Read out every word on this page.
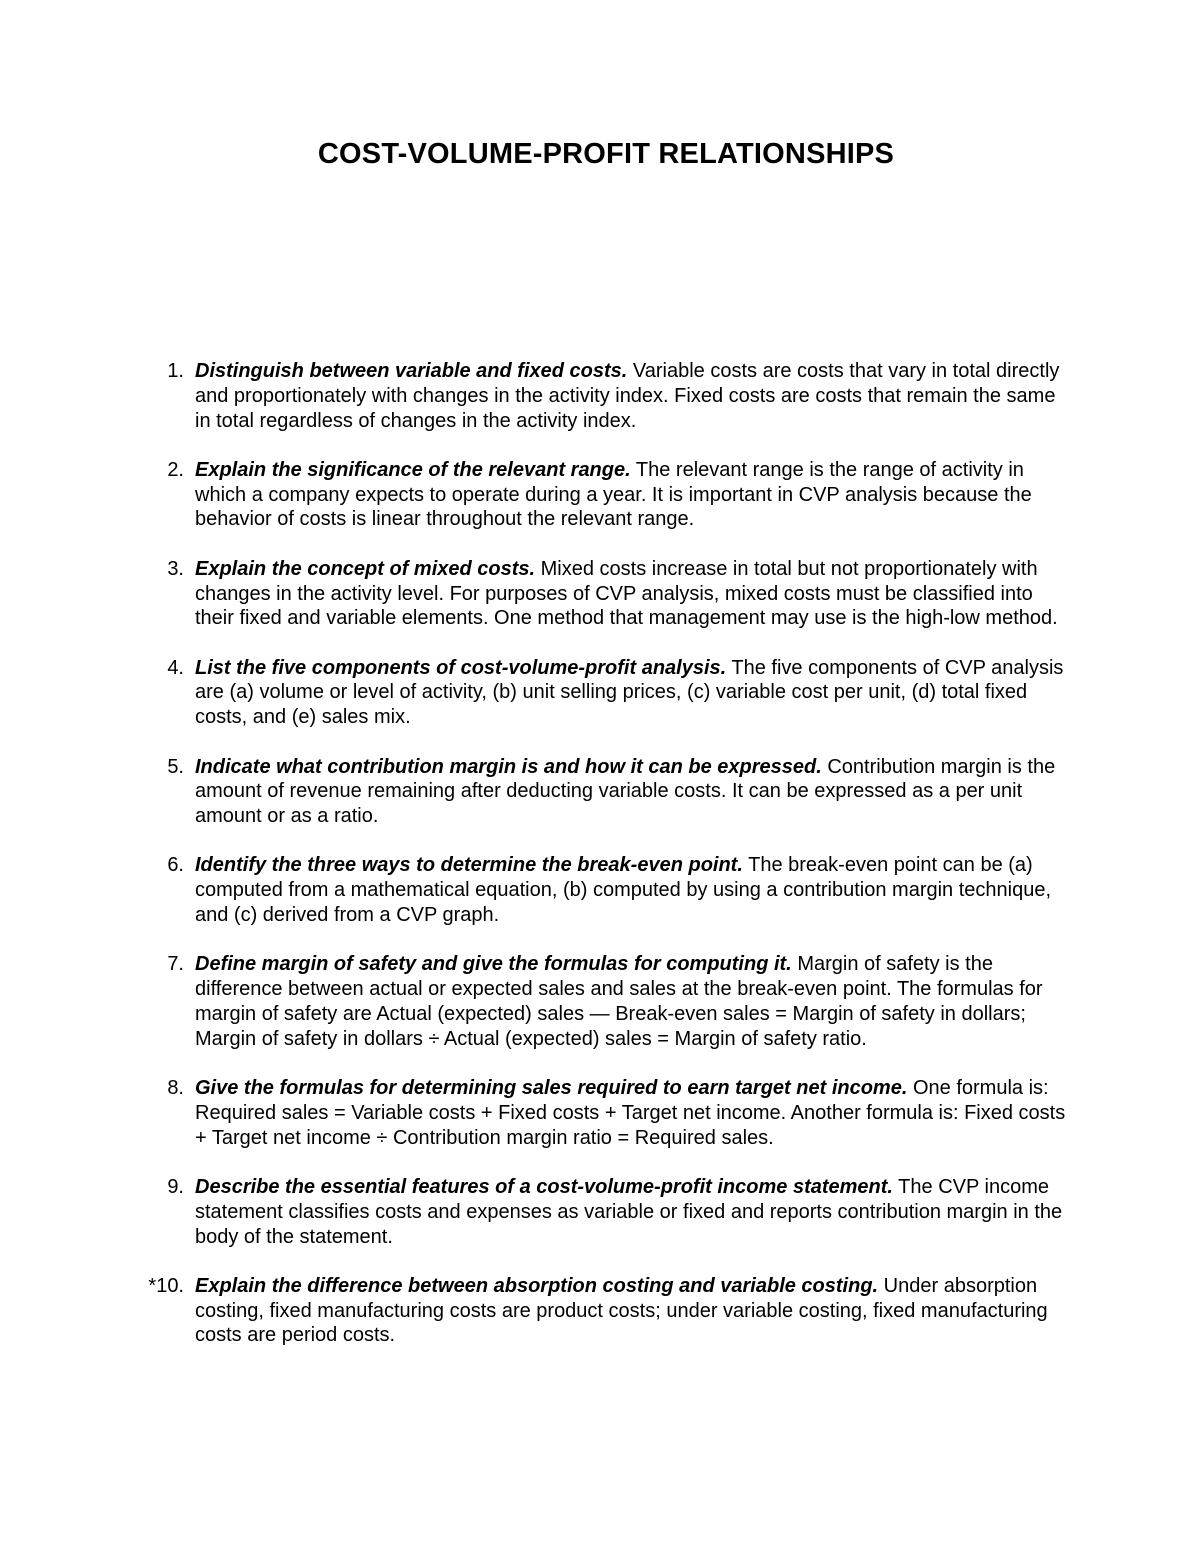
COST-VOLUME-PROFIT RELATIONSHIPS
1. Distinguish between variable and fixed costs. Variable costs are costs that vary in total directly and proportionately with changes in the activity index. Fixed costs are costs that remain the same in total regardless of changes in the activity index.
2. Explain the significance of the relevant range. The relevant range is the range of activity in which a company expects to operate during a year. It is important in CVP analysis because the behavior of costs is linear throughout the relevant range.
3. Explain the concept of mixed costs. Mixed costs increase in total but not proportionately with changes in the activity level. For purposes of CVP analysis, mixed costs must be classified into their fixed and variable elements. One method that management may use is the high-low method.
4. List the five components of cost-volume-profit analysis. The five components of CVP analysis are (a) volume or level of activity, (b) unit selling prices, (c) variable cost per unit, (d) total fixed costs, and (e) sales mix.
5. Indicate what contribution margin is and how it can be expressed. Contribution margin is the amount of revenue remaining after deducting variable costs. It can be expressed as a per unit amount or as a ratio.
6. Identify the three ways to determine the break-even point. The break-even point can be (a) computed from a mathematical equation, (b) computed by using a contribution margin technique, and (c) derived from a CVP graph.
7. Define margin of safety and give the formulas for computing it. Margin of safety is the difference between actual or expected sales and sales at the break-even point. The formulas for margin of safety are Actual (expected) sales — Break-even sales = Margin of safety in dollars; Margin of safety in dollars ÷ Actual (expected) sales = Margin of safety ratio.
8. Give the formulas for determining sales required to earn target net income. One formula is: Required sales = Variable costs + Fixed costs + Target net income. Another formula is: Fixed costs + Target net income ÷ Contribution margin ratio = Required sales.
9. Describe the essential features of a cost-volume-profit income statement. The CVP income statement classifies costs and expenses as variable or fixed and reports contribution margin in the body of the statement.
*10. Explain the difference between absorption costing and variable costing. Under absorption costing, fixed manufacturing costs are product costs; under variable costing, fixed manufacturing costs are period costs.
